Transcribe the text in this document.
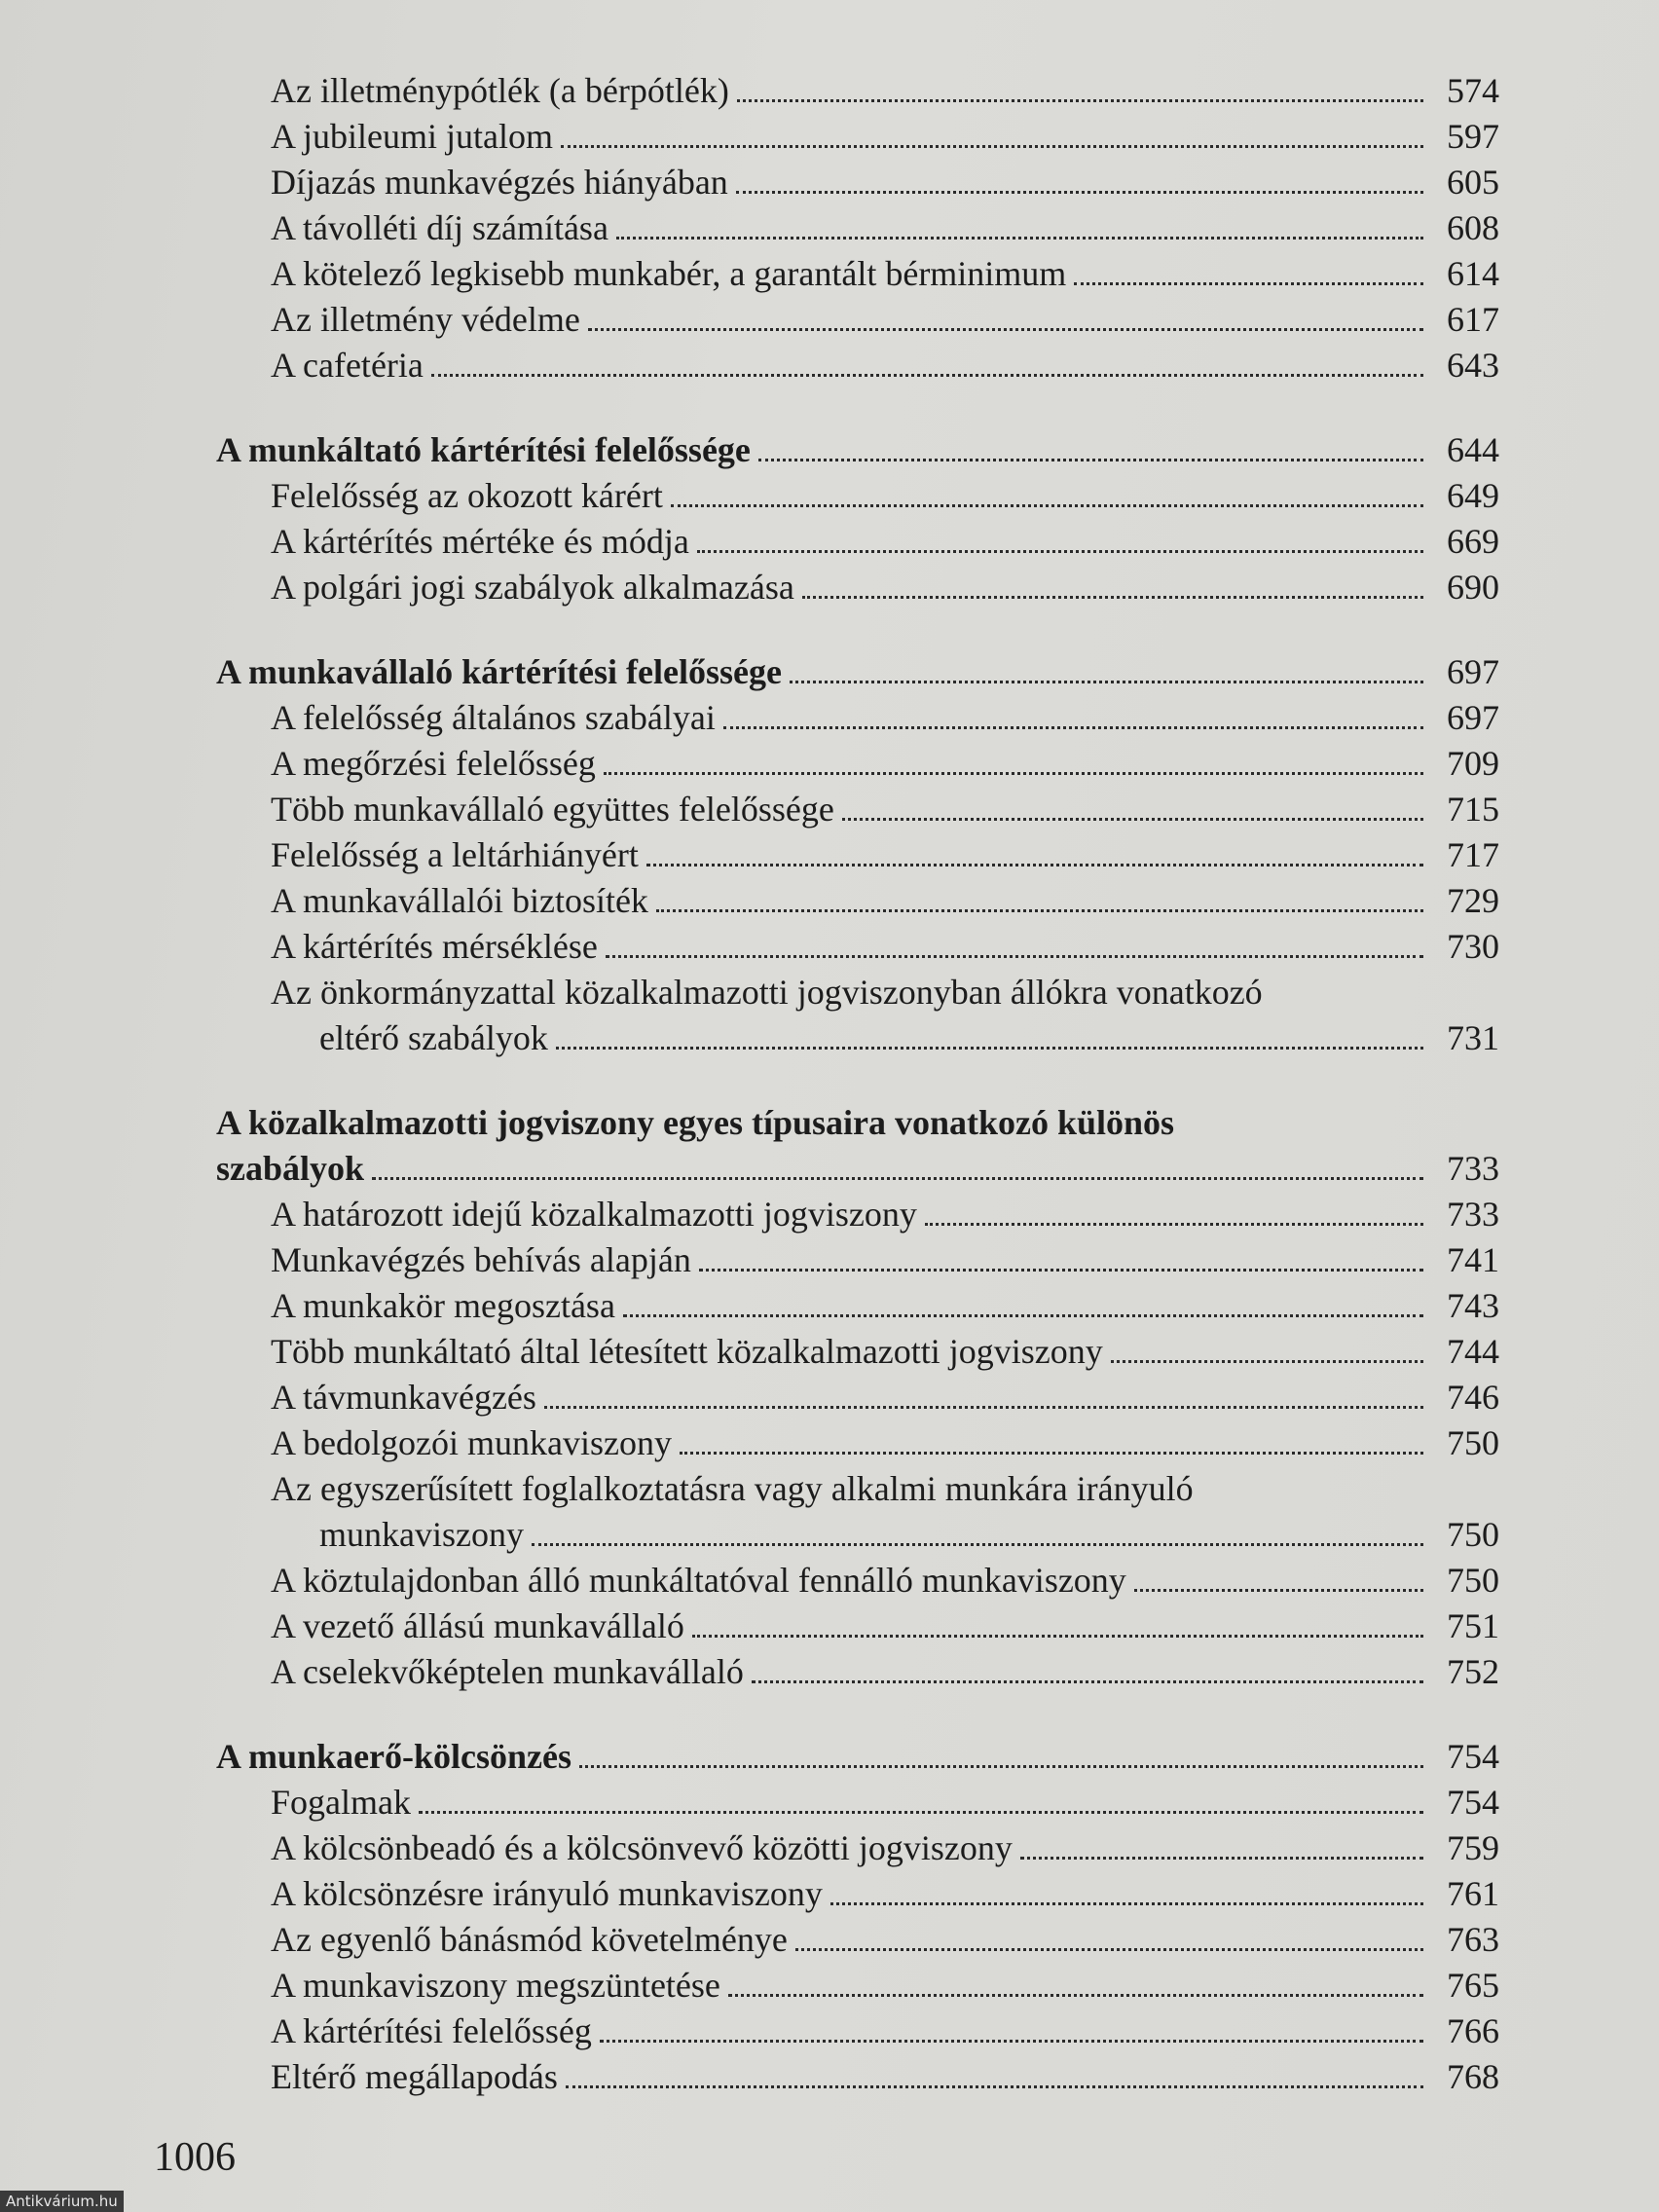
Az illetménypótlék (a bérpótlék)	574
A jubileumi jutalom	597
Díjazás munkavégzés hiányában	605
A távolléti díj számítása	608
A kötelező legkisebb munkabér, a garantált bérminimum	614
Az illetmény védelme	617
A cafetéria	643
A munkáltató kártérítési felelőssége	644
Felelősség az okozott kárért	649
A kártérítés mértéke és módja	669
A polgári jogi szabályok alkalmazása	690
A munkavállaló kártérítési felelőssége	697
A felelősség általános szabályai	697
A megőrzési felelősség	709
Több munkavállaló együttes felelőssége	715
Felelősség a leltárhiányért	717
A munkavállalói biztosíték	729
A kártérítés mérséklése	730
Az önkormányzattal közalkalmazotti jogviszonyban állókra vonatkozó
eltérő szabályok	731
A közalkalmazotti jogviszony egyes típusaira vonatkozó különös
szabályok	733
A határozott idejű közalkalmazotti jogviszony	733
Munkavégzés behívás alapján	741
A munkakör megosztása	743
Több munkáltató által létesített közalkalmazotti jogviszony	744
A távmunkavégzés	746
A bedolgozói munkaviszony	750
Az egyszerűsített foglalkoztatásra vagy alkalmi munkára irányuló
munkaviszony	750
A köztulajdonban álló munkáltatóval fennálló munkaviszony	750
A vezető állású munkavállaló	751
A cselekvőképtelen munkavállaló	752
A munkaerő-kölcsönzés	754
Fogalmak	754
A kölcsönbeadó és a kölcsönvevő közötti jogviszony	759
A kölcsönzésre irányuló munkaviszony	761
Az egyenlő bánásmód követelménye	763
A munkaviszony megszüntetése	765
A kártérítési felelősség	766
Eltérő megállapodás	768
1006
Antikvárium.hu
